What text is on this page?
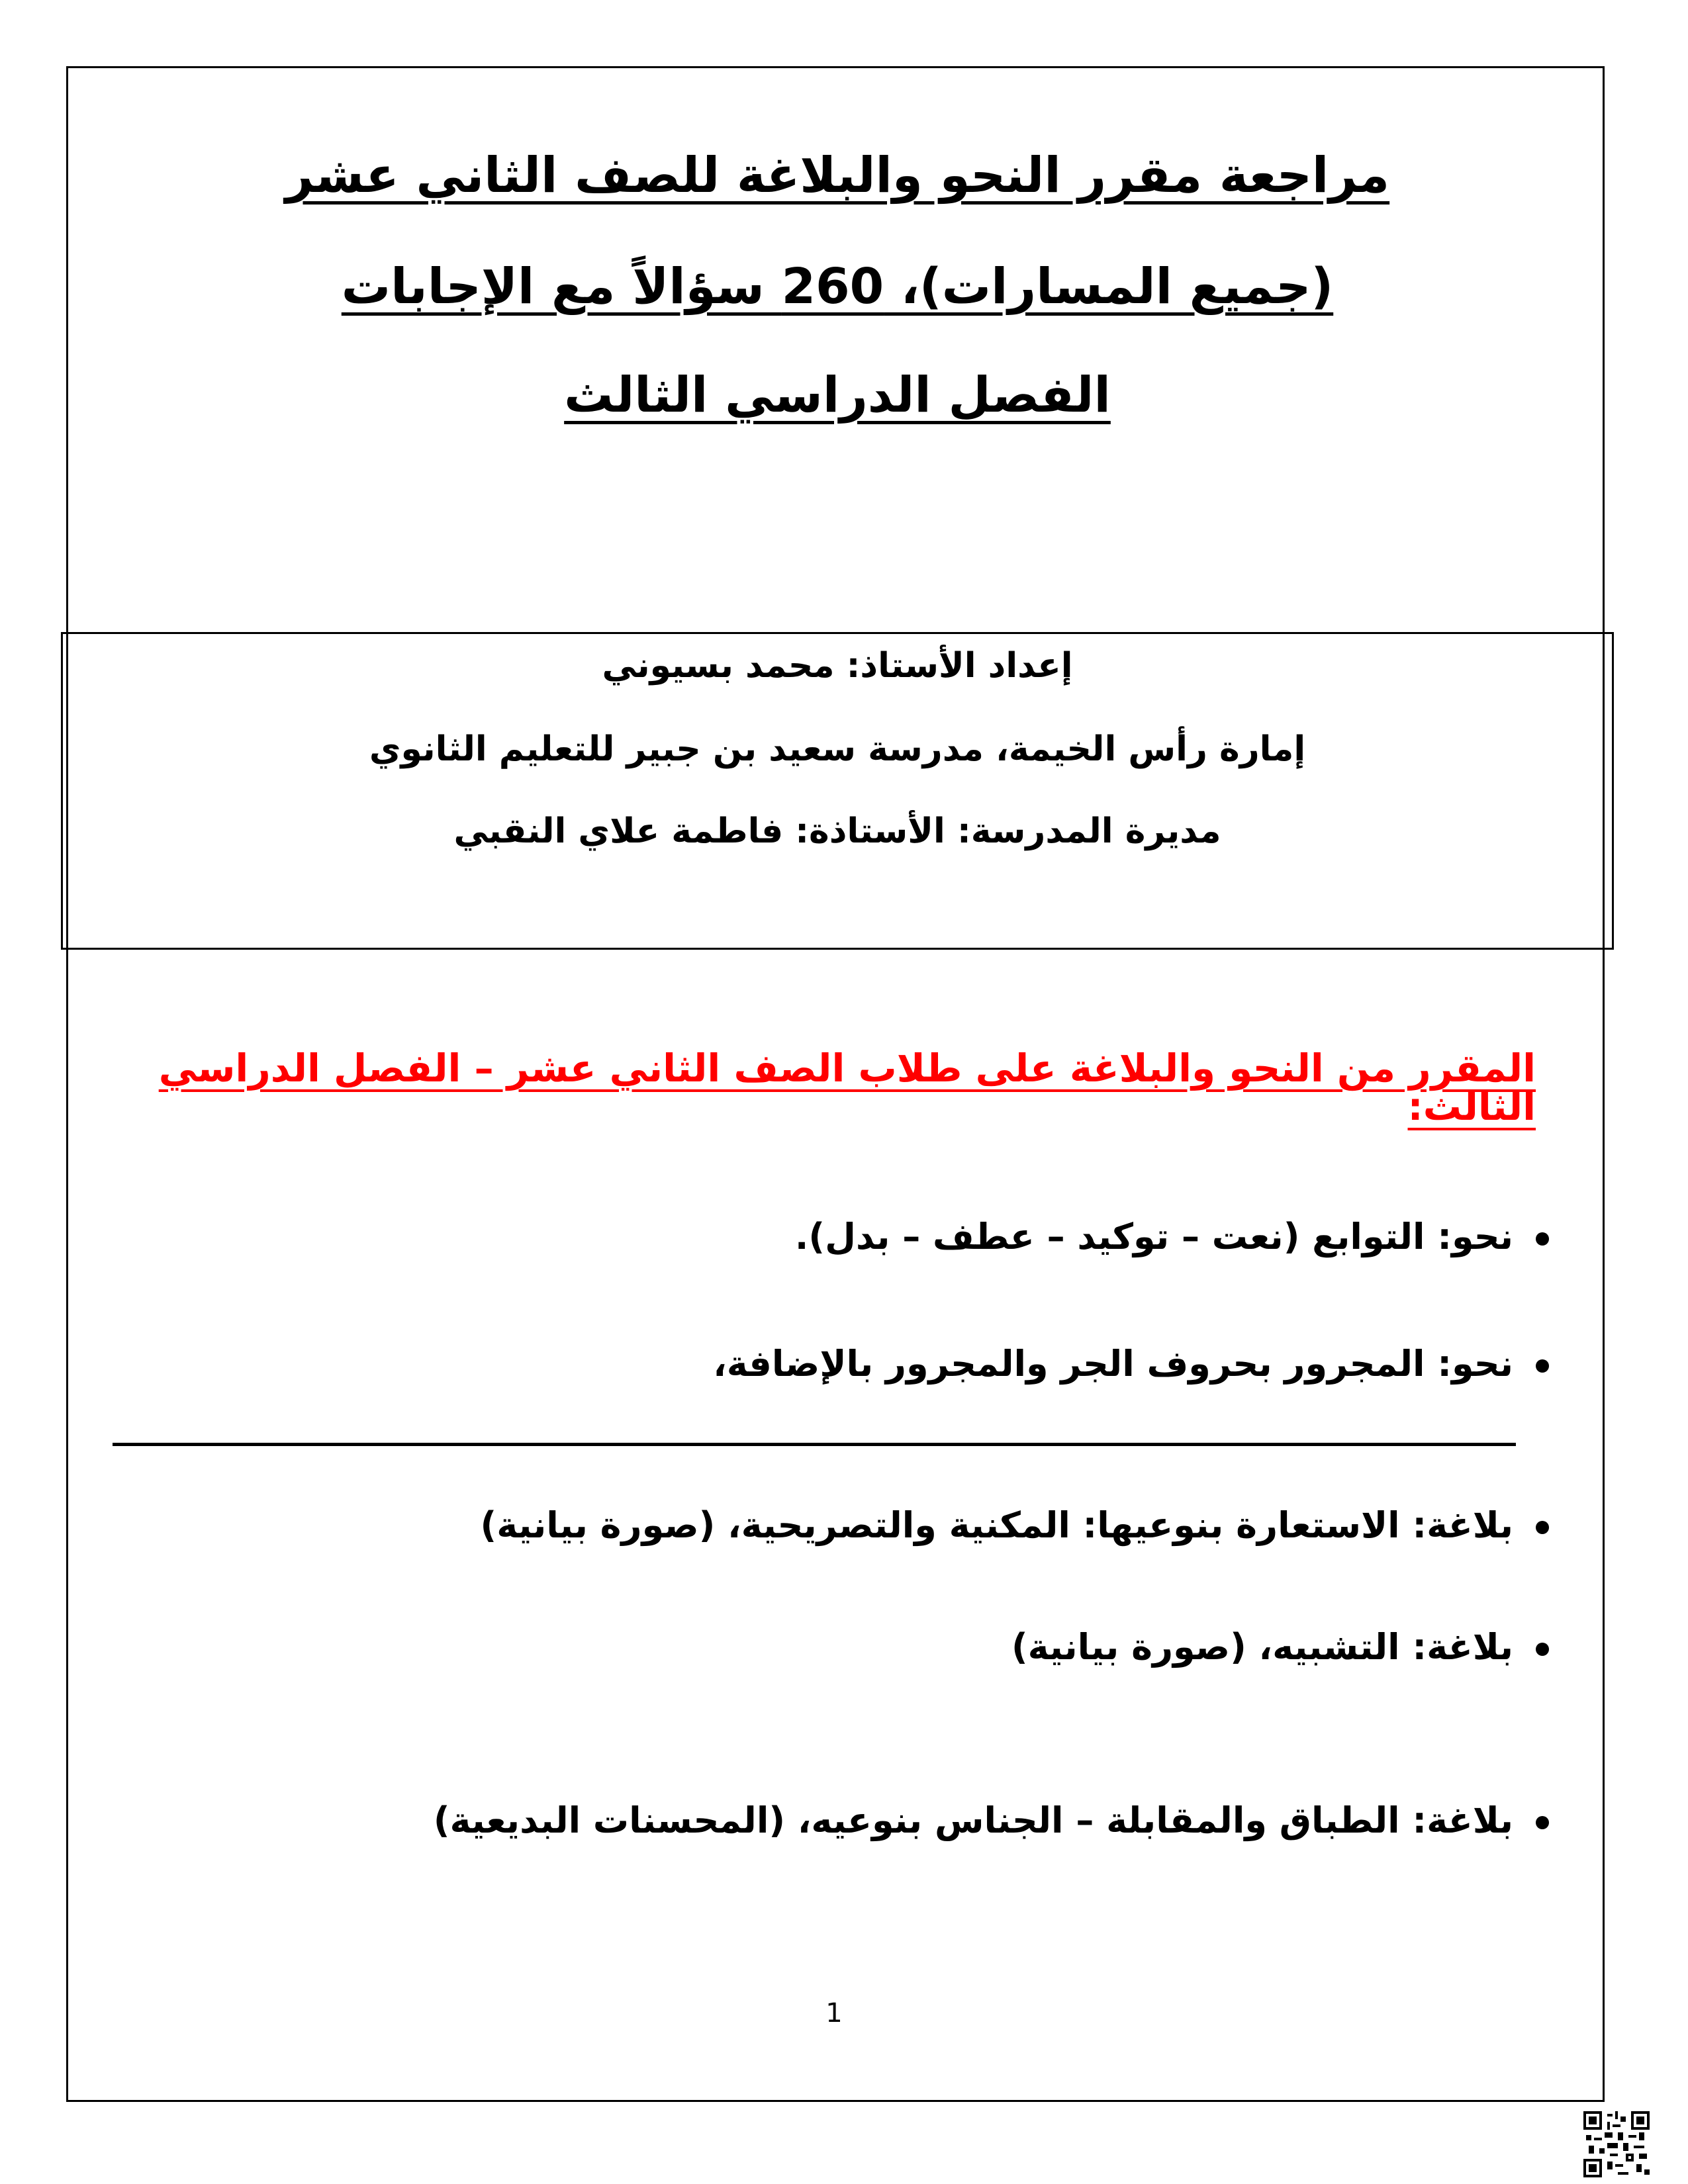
مراجعة مقرر النحو والبلاغة للصف الثاني عشر
(جميع المسارات)، 260 سؤالاً مع الإجابات
الفصل الدراسي الثالث
إعداد الأستاذ: محمد بسيوني
إمارة رأس الخيمة، مدرسة سعيد بن جبير للتعليم الثانوي
مديرة المدرسة: الأستاذة: فاطمة علاي النقبي
المقرر من النحو والبلاغة على طلاب الصف الثاني عشر – الفصل الدراسي الثالث:
نحو: التوابع (نعت – توكيد – عطف – بدل).
نحو: المجرور بحروف الجر والمجرور بالإضافة،
بلاغة: الاستعارة بنوعيها: المكنية والتصريحية، (صورة بيانية)
بلاغة: التشبيه، (صورة بيانية)
بلاغة: الطباق والمقابلة – الجناس بنوعيه، (المحسنات البديعية)
1
